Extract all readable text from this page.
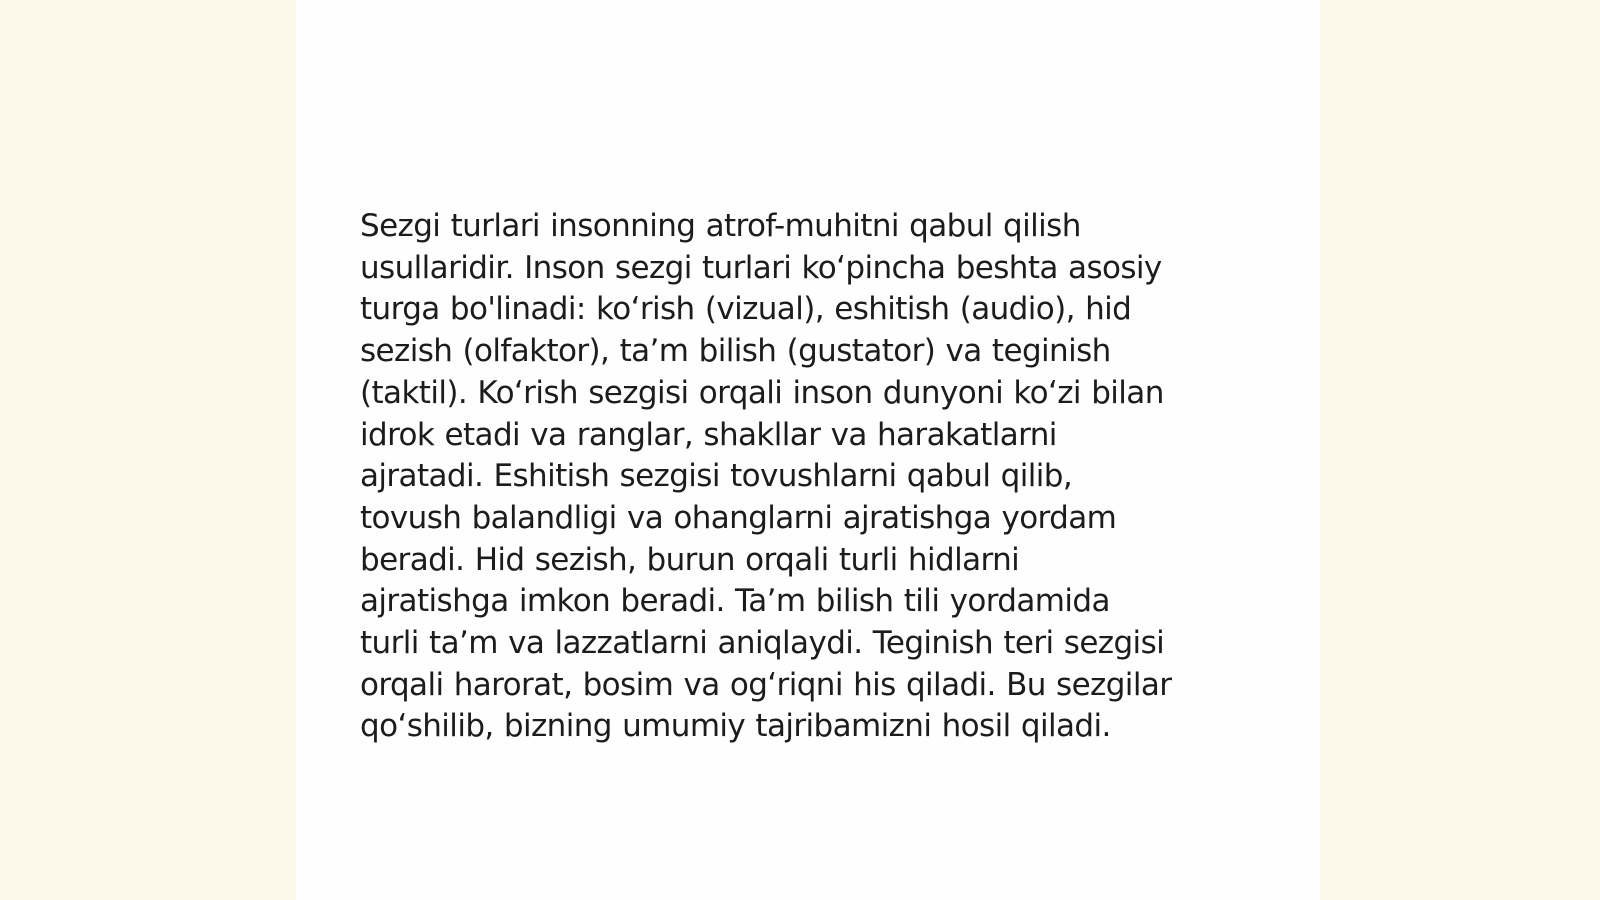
Sezgi turlari insonning atrof-muhitni qabul qilish
usullaridir. Inson sezgi turlari ko‘pincha beshta asosiy
turga bo'linadi: ko‘rish (vizual), eshitish (audio), hid
sezish (olfaktor), ta’m bilish (gustator) va teginish
(taktil). Ko‘rish sezgisi orqali inson dunyoni ko‘zi bilan
idrok etadi va ranglar, shakllar va harakatlarni
ajratadi. Eshitish sezgisi tovushlarni qabul qilib,
tovush balandligi va ohanglarni ajratishga yordam
beradi. Hid sezish, burun orqali turli hidlarni
ajratishga imkon beradi. Ta’m bilish tili yordamida
turli ta’m va lazzatlarni aniqlaydi. Teginish teri sezgisi
orqali harorat, bosim va og‘riqni his qiladi. Bu sezgilar
qo‘shilib, bizning umumiy tajribamizni hosil qiladi.
